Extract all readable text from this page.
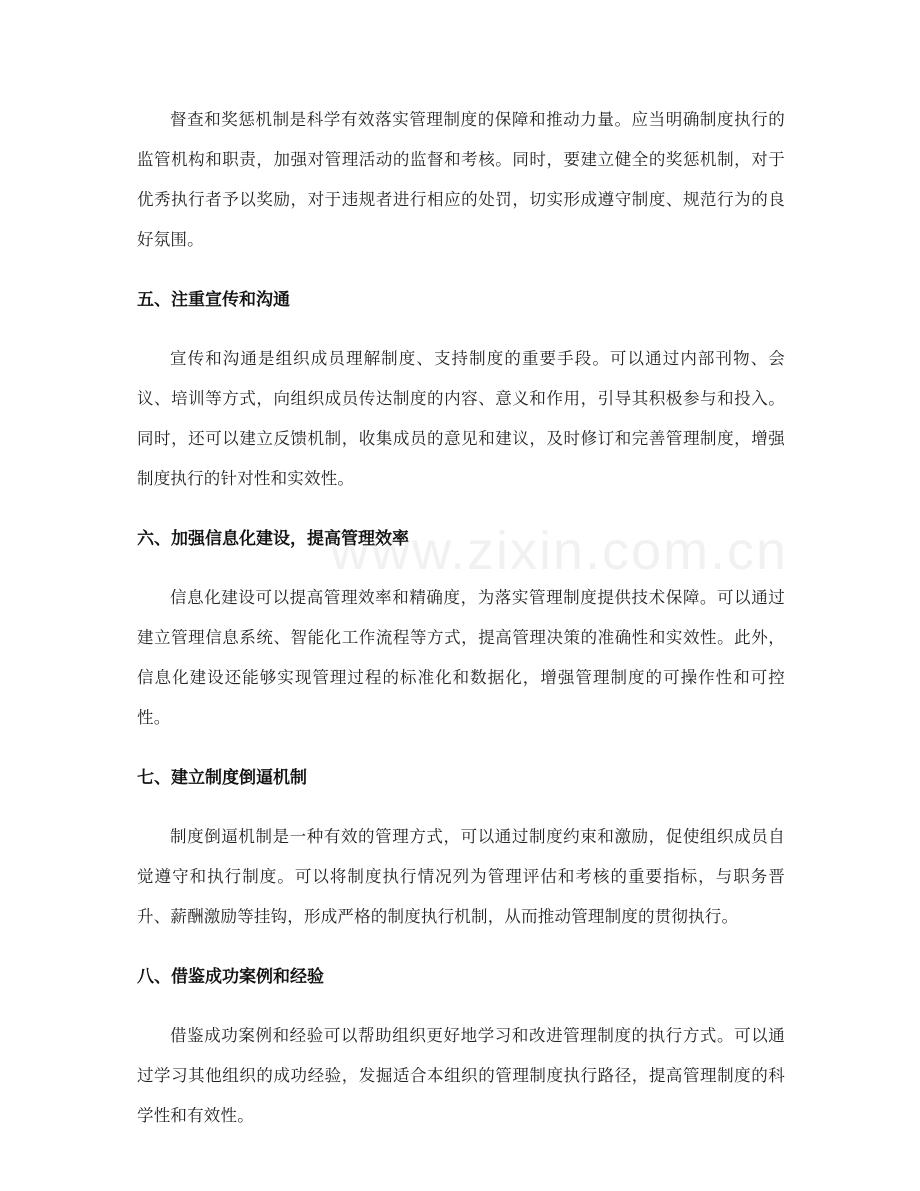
督查和奖惩机制是科学有效落实管理制度的保障和推动力量。应当明确制度执行的监管机构和职责，加强对管理活动的监督和考核。同时，要建立健全的奖惩机制，对于优秀执行者予以奖励，对于违规者进行相应的处罚，切实形成遵守制度、规范行为的良好氛围。

五、注重宣传和沟通

宣传和沟通是组织成员理解制度、支持制度的重要手段。可以通过内部刊物、会议、培训等方式，向组织成员传达制度的内容、意义和作用，引导其积极参与和投入。同时，还可以建立反馈机制，收集成员的意见和建议，及时修订和完善管理制度，增强制度执行的针对性和实效性。

六、加强信息化建设，提高管理效率

信息化建设可以提高管理效率和精确度，为落实管理制度提供技术保障。可以通过建立管理信息系统、智能化工作流程等方式，提高管理决策的准确性和实效性。此外，信息化建设还能够实现管理过程的标准化和数据化，增强管理制度的可操作性和可控性。

七、建立制度倒逼机制

制度倒逼机制是一种有效的管理方式，可以通过制度约束和激励，促使组织成员自觉遵守和执行制度。可以将制度执行情况列为管理评估和考核的重要指标，与职务晋升、薪酬激励等挂钩，形成严格的制度执行机制，从而推动管理制度的贯彻执行。

八、借鉴成功案例和经验

借鉴成功案例和经验可以帮助组织更好地学习和改进管理制度的执行方式。可以通过学习其他组织的成功经验，发掘适合本组织的管理制度执行路径，提高管理制度的科学性和有效性。

www.zixin.com.cn
